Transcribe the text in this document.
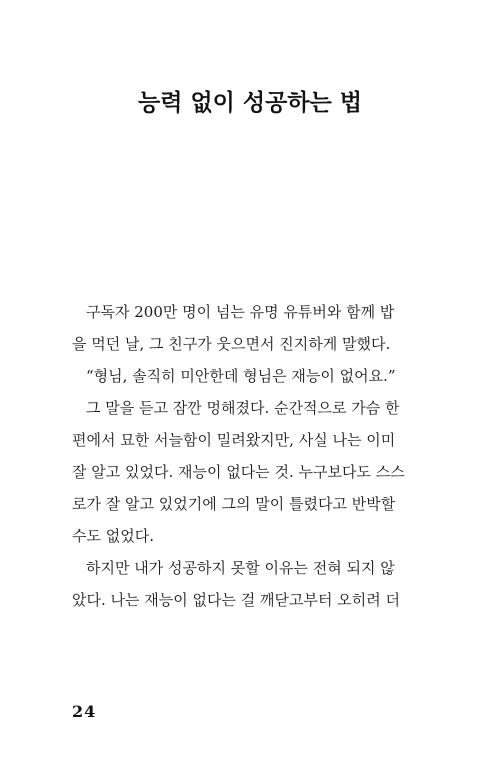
능력 없이 성공하는 법
구독자 200만 명이 넘는 유명 유튜버와 함께 밥
을 먹던 날, 그 친구가 웃으면서 진지하게 말했다.
“형님, 솔직히 미안한데 형님은 재능이 없어요.”
그 말을 듣고 잠깐 멍해졌다. 순간적으로 가슴 한
편에서 묘한 서늘함이 밀려왔지만, 사실 나는 이미
잘 알고 있었다. 재능이 없다는 것. 누구보다도 스스
로가 잘 알고 있었기에 그의 말이 틀렸다고 반박할
수도 없었다.
하지만 내가 성공하지 못할 이유는 전혀 되지 않
았다. 나는 재능이 없다는 걸 깨닫고부터 오히려 더
24
